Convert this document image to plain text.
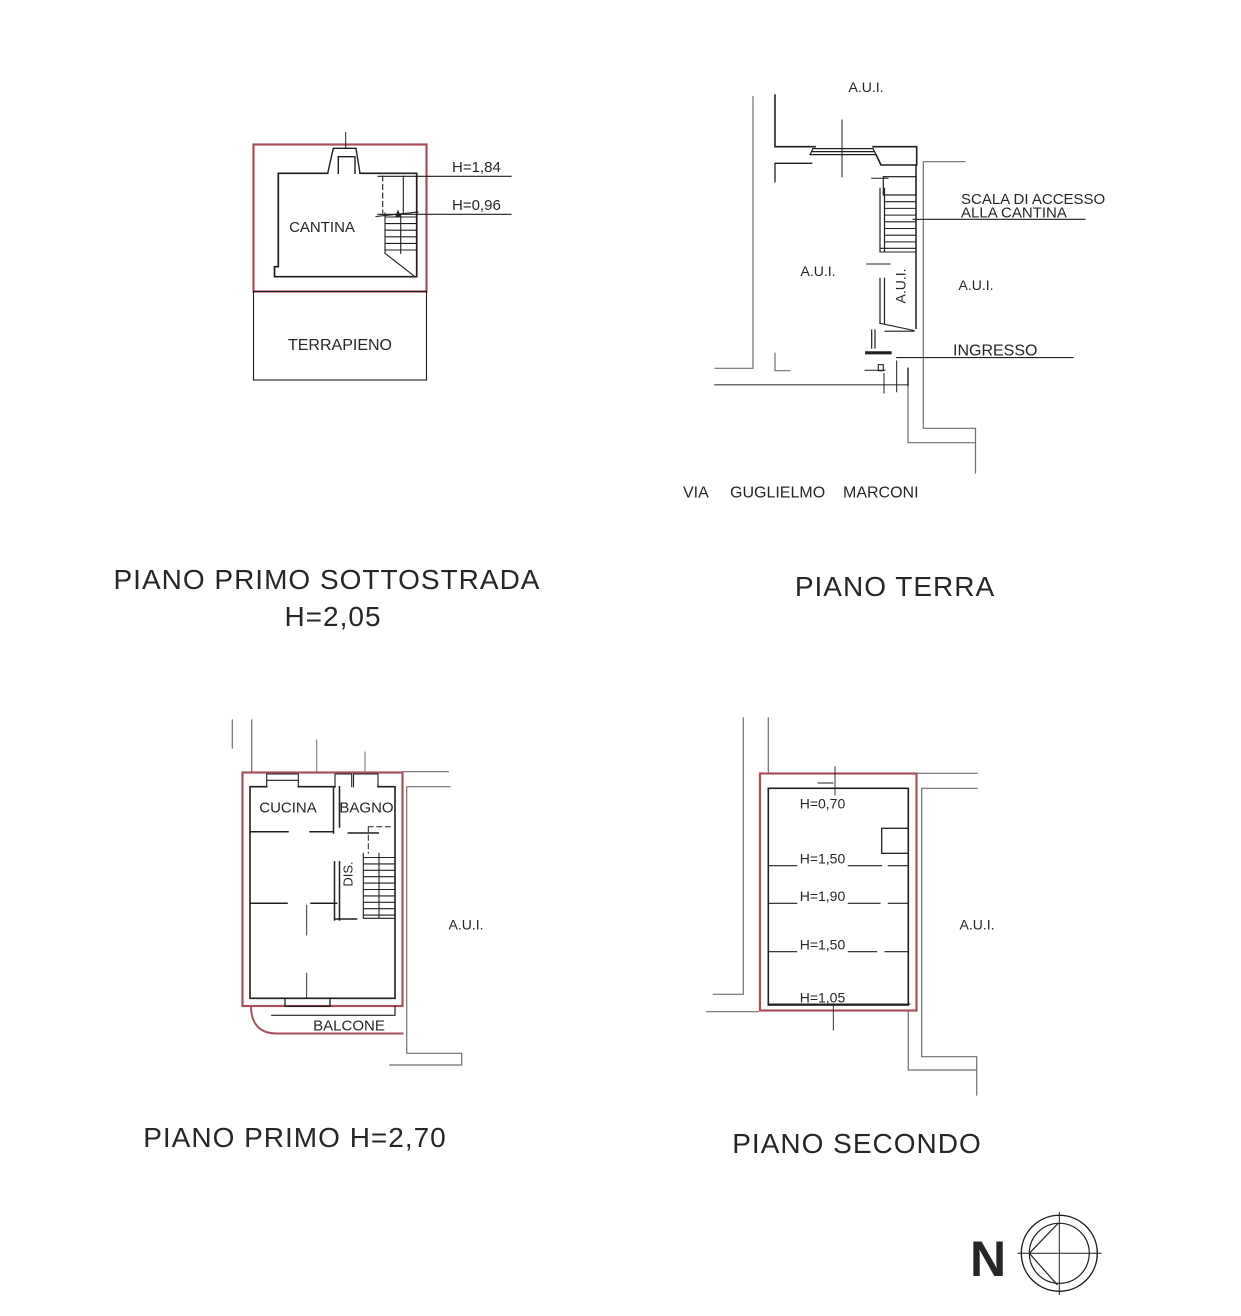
TERRAPIENO
H=1,84
H=0,96
CANTINA
PIANO PRIMO SOTTOSTRADA
H=2,05
A.U.I.
A.U.I.	A.U.I.	A.U.I.
SCALA DI ACCESSO
ALLA CANTINA
INGRESSO
VIA GUGLIELMO MARCONI
PIANO TERRA
CUCINA BAGNO
DIS.
A.U.I.
BALCONE
PIANO PRIMO H=2,70
H=0,70
H=1,50
H=1,90
H=1,50
H=1,05
A.U.I.
PIANO SECONDO
N
